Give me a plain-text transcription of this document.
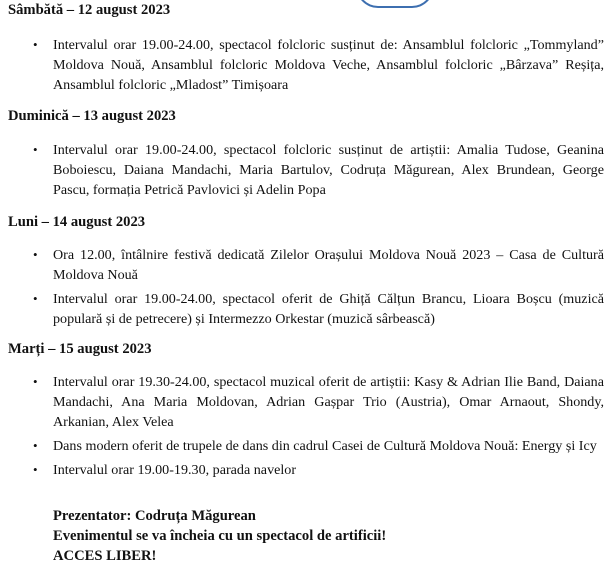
Sâmbătă – 12 august 2023
• Intervalul orar 19.00-24.00, spectacol folcloric susținut de: Ansamblul folcloric „Tommyland” Moldova Nouă, Ansamblul folcloric Moldova Veche, Ansamblul folcloric „Bârzava” Reșița, Ansamblul folcloric „Mladost” Timișoara
Duminică – 13 august 2023
• Intervalul orar 19.00-24.00, spectacol folcloric susținut de artiștii: Amalia Tudose, Geanina Boboiescu, Daiana Mandachi, Maria Bartulov, Codruța Măgurean, Alex Brundean, George Pascu, formația Petrică Pavlovici și Adelin Popa
Luni – 14 august 2023
• Ora 12.00, întâlnire festivă dedicată Zilelor Orașului Moldova Nouă 2023 – Casa de Cultură Moldova Nouă
• Intervalul orar 19.00-24.00, spectacol oferit de Ghiță Călțun Brancu, Lioara Boșcu (muzică populară și de petrecere) și Intermezzo Orkestar (muzică sârbească)
Marți – 15 august 2023
• Intervalul orar 19.30-24.00, spectacol muzical oferit de artiștii: Kasy & Adrian Ilie Band, Daiana Mandachi, Ana Maria Moldovan, Adrian Gașpar Trio (Austria), Omar Arnaout, Shondy, Arkanian, Alex Velea
• Dans modern oferit de trupele de dans din cadrul Casei de Cultură Moldova Nouă: Energy și Icy
• Intervalul orar 19.00-19.30, parada navelor
Prezentator: Codruța Măgurean
Evenimentul se va încheia cu un spectacol de artificii!
ACCES LIBER!
